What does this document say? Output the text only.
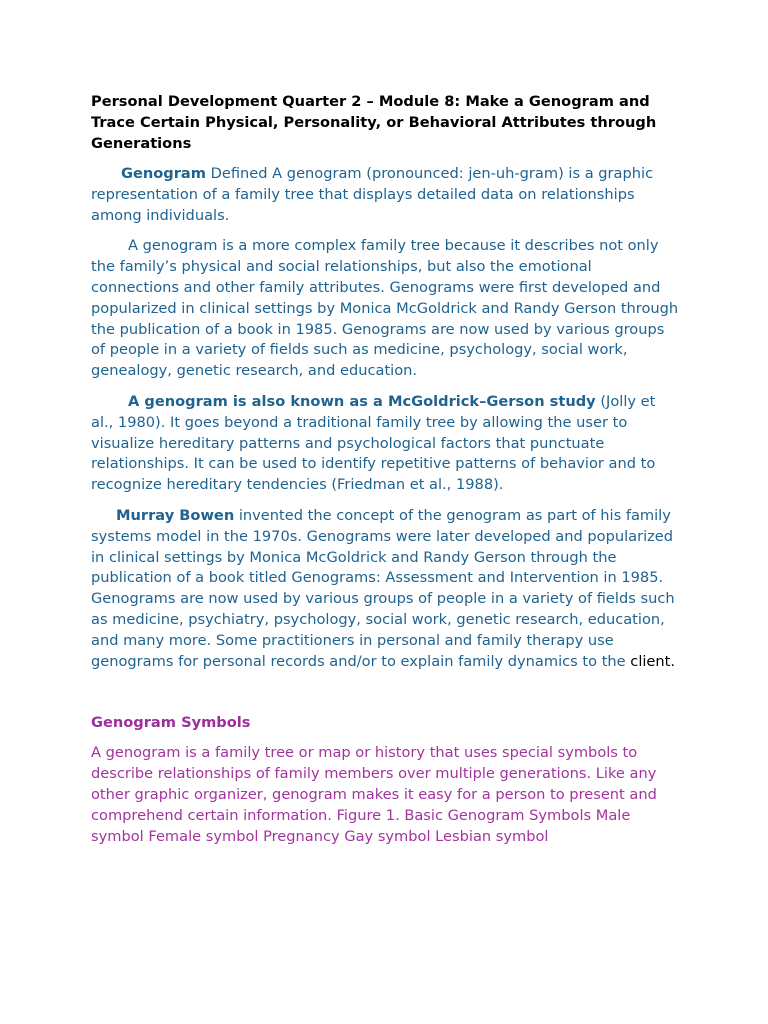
Personal Development Quarter 2 – Module 8: Make a Genogram and Trace Certain Physical, Personality, or Behavioral Attributes through Generations

Genogram Defined A genogram (pronounced: jen-uh-gram) is a graphic representation of a family tree that displays detailed data on relationships among individuals.

A genogram is a more complex family tree because it describes not only the family’s physical and social relationships, but also the emotional connections and other family attributes. Genograms were first developed and popularized in clinical settings by Monica McGoldrick and Randy Gerson through the publication of a book in 1985. Genograms are now used by various groups of people in a variety of fields such as medicine, psychology, social work, genealogy, genetic research, and education.

A genogram is also known as a McGoldrick–Gerson study (Jolly et al., 1980). It goes beyond a traditional family tree by allowing the user to visualize hereditary patterns and psychological factors that punctuate relationships. It can be used to identify repetitive patterns of behavior and to recognize hereditary tendencies (Friedman et al., 1988).

Murray Bowen invented the concept of the genogram as part of his family systems model in the 1970s. Genograms were later developed and popularized in clinical settings by Monica McGoldrick and Randy Gerson through the publication of a book titled Genograms: Assessment and Intervention in 1985. Genograms are now used by various groups of people in a variety of fields such as medicine, psychiatry, psychology, social work, genetic research, education, and many more. Some practitioners in personal and family therapy use genograms for personal records and/or to explain family dynamics to the client.

Genogram Symbols

A genogram is a family tree or map or history that uses special symbols to describe relationships of family members over multiple generations. Like any other graphic organizer, genogram makes it easy for a person to present and comprehend certain information. Figure 1. Basic Genogram Symbols Male symbol Female symbol Pregnancy Gay symbol Lesbian symbol
